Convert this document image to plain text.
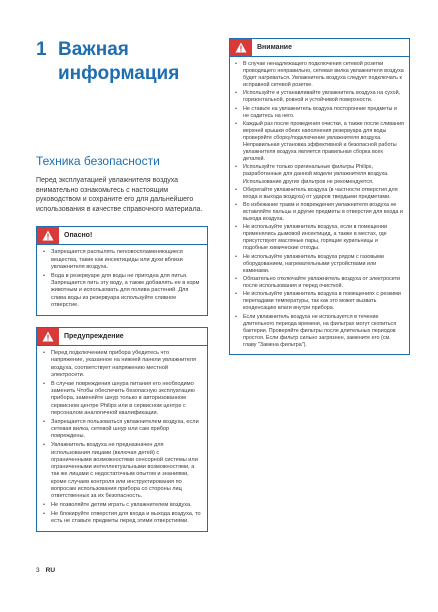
1 Важная
информация
Техника безопасности

Перед эксплуатацией увлажнителя воздуха внимательно ознакомьтесь с настоящим руководством и сохраните его для дальнейшего использования в качестве справочного материала.

Опасно!
• Запрещается распылять легковоспламеняющиеся вещества, такие как инсектициды или духи вблизи увлажнителя воздуха.
• Вода в резервуаре для воды не пригодна для питья. Запрещается пить эту воду, а также добавлять ее в корм животным и использовать для полива растений. Для слива воды из резервуара используйте сливное отверстие.
Предупреждение
• Перед подключением прибора убедитесь что напряжение, указанное на нижней панели увлажнителя воздуха, соответствует напряжению местной электросети.
• В случае повреждения шнура питания его необходимо заменить Чтобы обеспечить безопасную эксплуатацию прибора, заменяйте шнур только в авторизованном сервисном центре Philips или в сервисном центре с персоналом аналогичной квалификации.
• Запрещается пользоваться увлажнителем воздуха, если сетевая вилка, сетевой шнур или сам прибор повреждены.
• Увлажнитель воздуха не предназначен для использования лицами (включая детей) с ограниченными возможностями сенсорной системы или ограниченными интеллектуальными возможностями, а так же лицами с недостаточным опытом и знаниями, кроме случаев контроля или инструктирования по вопросам использования прибора со стороны лиц ответственных за их безопасность.
• Не позволяйте детям играть с увлажнителем воздуха.
• Не блокируйте отверстия для входа и выхода воздуха, то есть не ставьте предметы перед этими отверстиями.
Внимание
• В случае ненадлежащего подключения сетевой розетки проводящего неправильно, сетевая вилка увлажнителя воздуха будет нагреваться. Увлажнитель воздуха следует подключать к исправной сетевой розетке.
• Используйте и устанавливайте увлажнитель воздуха на сухой, горизонтальной, ровной и устойчивой поверхности.
• Не ставьте на увлажнитель воздуха посторонние предметы и не садитесь на него.
• Каждый раз после проведения очистки, а также после сливания верхней крышки обеих наполнения резервуара для воды проверяйте сборку/подключение увлажнителя воздуха. Неправильная установка эффективной и безопасной работы увлажнителя воздуха является правильная сборка всех деталей.
• Используйте только оригинальные фильтры Philips, разработанные для данной модели увлажнителя воздуха. Использование других фильтров не рекомендуется.
• Оберегайте увлажнитель воздуха (в частности отверстия для входа и выхода воздуха) от ударов твердыми предметами.
• Во избежание травм и повреждения увлажнителя воздуха не вставляйте пальцы и другие предметы в отверстия для входа и выхода воздуха.
• Не используйте увлажнитель воздуха, если в помещении применялись дымовой инсектицид, а также в местах, где присутствуют масляные пары, горящие курильницы и подобные химические отходы.
• Не используйте увлажнитель воздуха рядом с газовыми оборудованием, нагревательными устройствами или каминами.
• Обязательно отключайте увлажнитель воздуха от электросети после использования и перед очисткой.
• Не используйте увлажнитель воздуха в помещениях с резкими перепадами температуры, так как это может вызвать конденсацию влаги внутри прибора.
• Если увлажнитель воздуха не используется в течение длительного периода времени, на фильтрах могут скопиться бактерии. Проверяйте фильтры после длительных периодов простоя. Если фильтр сильно загрязнен, замените его (см. главу "Замена фильтра").
3 RU
